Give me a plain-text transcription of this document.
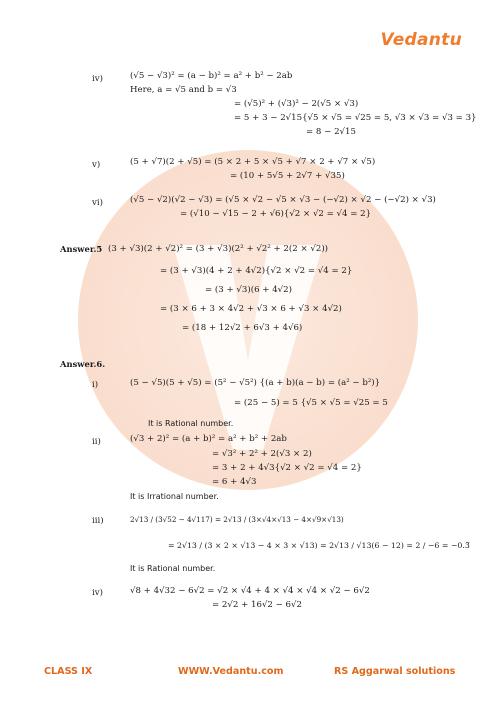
Vedantu
iv)	(√5 − √3)² = (a − b)² = a² + b² − 2ab
Here, a = √5 and b = √3
= (√5)² + (√3)² − 2(√5 × √3)
= 5 + 3 − 2√15{√5 × √5 = √25 = 5, √3 × √3 = √3 = 3}
= 8 − 2√15
v)	(5 + √7)(2 + √5) = (5 × 2 + 5 × √5 + √7 × 2 + √7 × √5)
= (10 + 5√5 + 2√7 + √35)
vi)	(√5 − √2)(√2 − √3) = (√5 × √2 − √5 × √3 − (−√2) × √2 − (−√2) × √3)
= (√10 − √15 − 2 + √6){√2 × √2 = √4 = 2}
Answer.5 (3 + √3)(2 + √2)² = (3 + √3)(2² + √2² + 2(2 × √2))
= (3 + √3)(4 + 2 + 4√2){√2 × √2 = √4 = 2}
= (3 + √3)(6 + 4√2)
= (3 × 6 + 3 × 4√2 + √3 × 6 + √3 × 4√2)
= (18 + 12√2 + 6√3 + 4√6)
Answer.6.
i)	(5 − √5)(5 + √5) = (5² − √5²) {(a + b)(a − b) = (a² − b²)}
= (25 − 5) = 5 {√5 × √5 = √25 = 5
It is Rational number.
ii)	(√3 + 2)² = (a + b)² = a² + b² + 2ab
= √3² + 2² + 2(√3 × 2)
= 3 + 2 + 4√3{√2 × √2 = √4 = 2}
= 6 + 4√3
It is Irrational number.
iii)	2√13 / (3√52 − 4√117) = 2√13 / (3×√4×√13 − 4×√9×√13)
= 2√13 / (3 × 2 × √13 − 4 × 3 × √13) = 2√13 / √13(6 − 12) = 2 / −6 = −0.3̅
It is Rational number.
iv)	√8 + 4√32 − 6√2 = √2 × √4 + 4 × √4 × √4 × √2 − 6√2
= 2√2 + 16√2 − 6√2
CLASS IX	WWW.Vedantu.com	RS Aggarwal solutions
